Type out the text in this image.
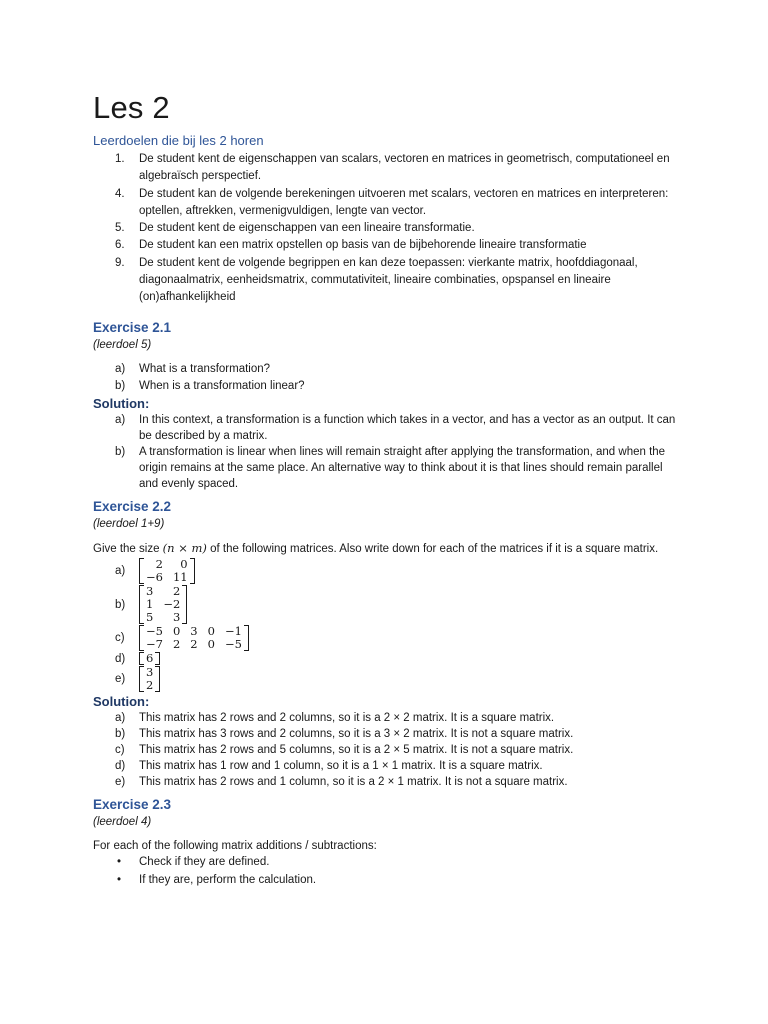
Les 2
Leerdoelen die bij les 2 horen
1.	De student kent de eigenschappen van scalars, vectoren en matrices in geometrisch, computationeel en algebraïsch perspectief.
4.	De student kan de volgende berekeningen uitvoeren met scalars, vectoren en matrices en interpreteren: optellen, aftrekken, vermenigvuldigen, lengte van vector.
5.	De student kent de eigenschappen van een lineaire transformatie.
6.	De student kan een matrix opstellen op basis van de bijbehorende lineaire transformatie
9.	De student kent de volgende begrippen en kan deze toepassen: vierkante matrix, hoofddiagonaal, diagonaalmatrix, eenheidsmatrix, commutativiteit, lineaire combinaties, opspansel en lineaire (on)afhankelijkheid
Exercise 2.1

(leerdoel 5)

a)	What is a transformation?
b)	When is a transformation linear?
Solution:
a)	In this context, a transformation is a function which takes in a vector, and has a vector as an output. It can be described by a matrix.
b)	A transformation is linear when lines will remain straight after applying the transformation, and when the origin remains at the same place. An alternative way to think about it is that lines should remain parallel and evenly spaced.
Exercise 2.2

(leerdoel 1+9)

Give the size (n × m) of the following matrices. Also write down for each of the matrices if it is a square matrix.

a)	2	0
−6 11
b)
3	2
1 −2
5	3
c) −5 0 3 0 −1
−7 2 2 0 −5
d) 6
e) 3
2
Solution:
a)	This matrix has 2 rows and 2 columns, so it is a 2 × 2 matrix. It is a square matrix.
b)	This matrix has 3 rows and 2 columns, so it is a 3 × 2 matrix. It is not a square matrix.
c)	This matrix has 2 rows and 5 columns, so it is a 2 × 5 matrix. It is not a square matrix.
d)	This matrix has 1 row and 1 column, so it is a 1 × 1 matrix. It is a square matrix.
e)	This matrix has 2 rows and 1 column, so it is a 2 × 1 matrix. It is not a square matrix.
Exercise 2.3

(leerdoel 4)

For each of the following matrix additions / subtractions:

• Check if they are defined.
• If they are, perform the calculation.
